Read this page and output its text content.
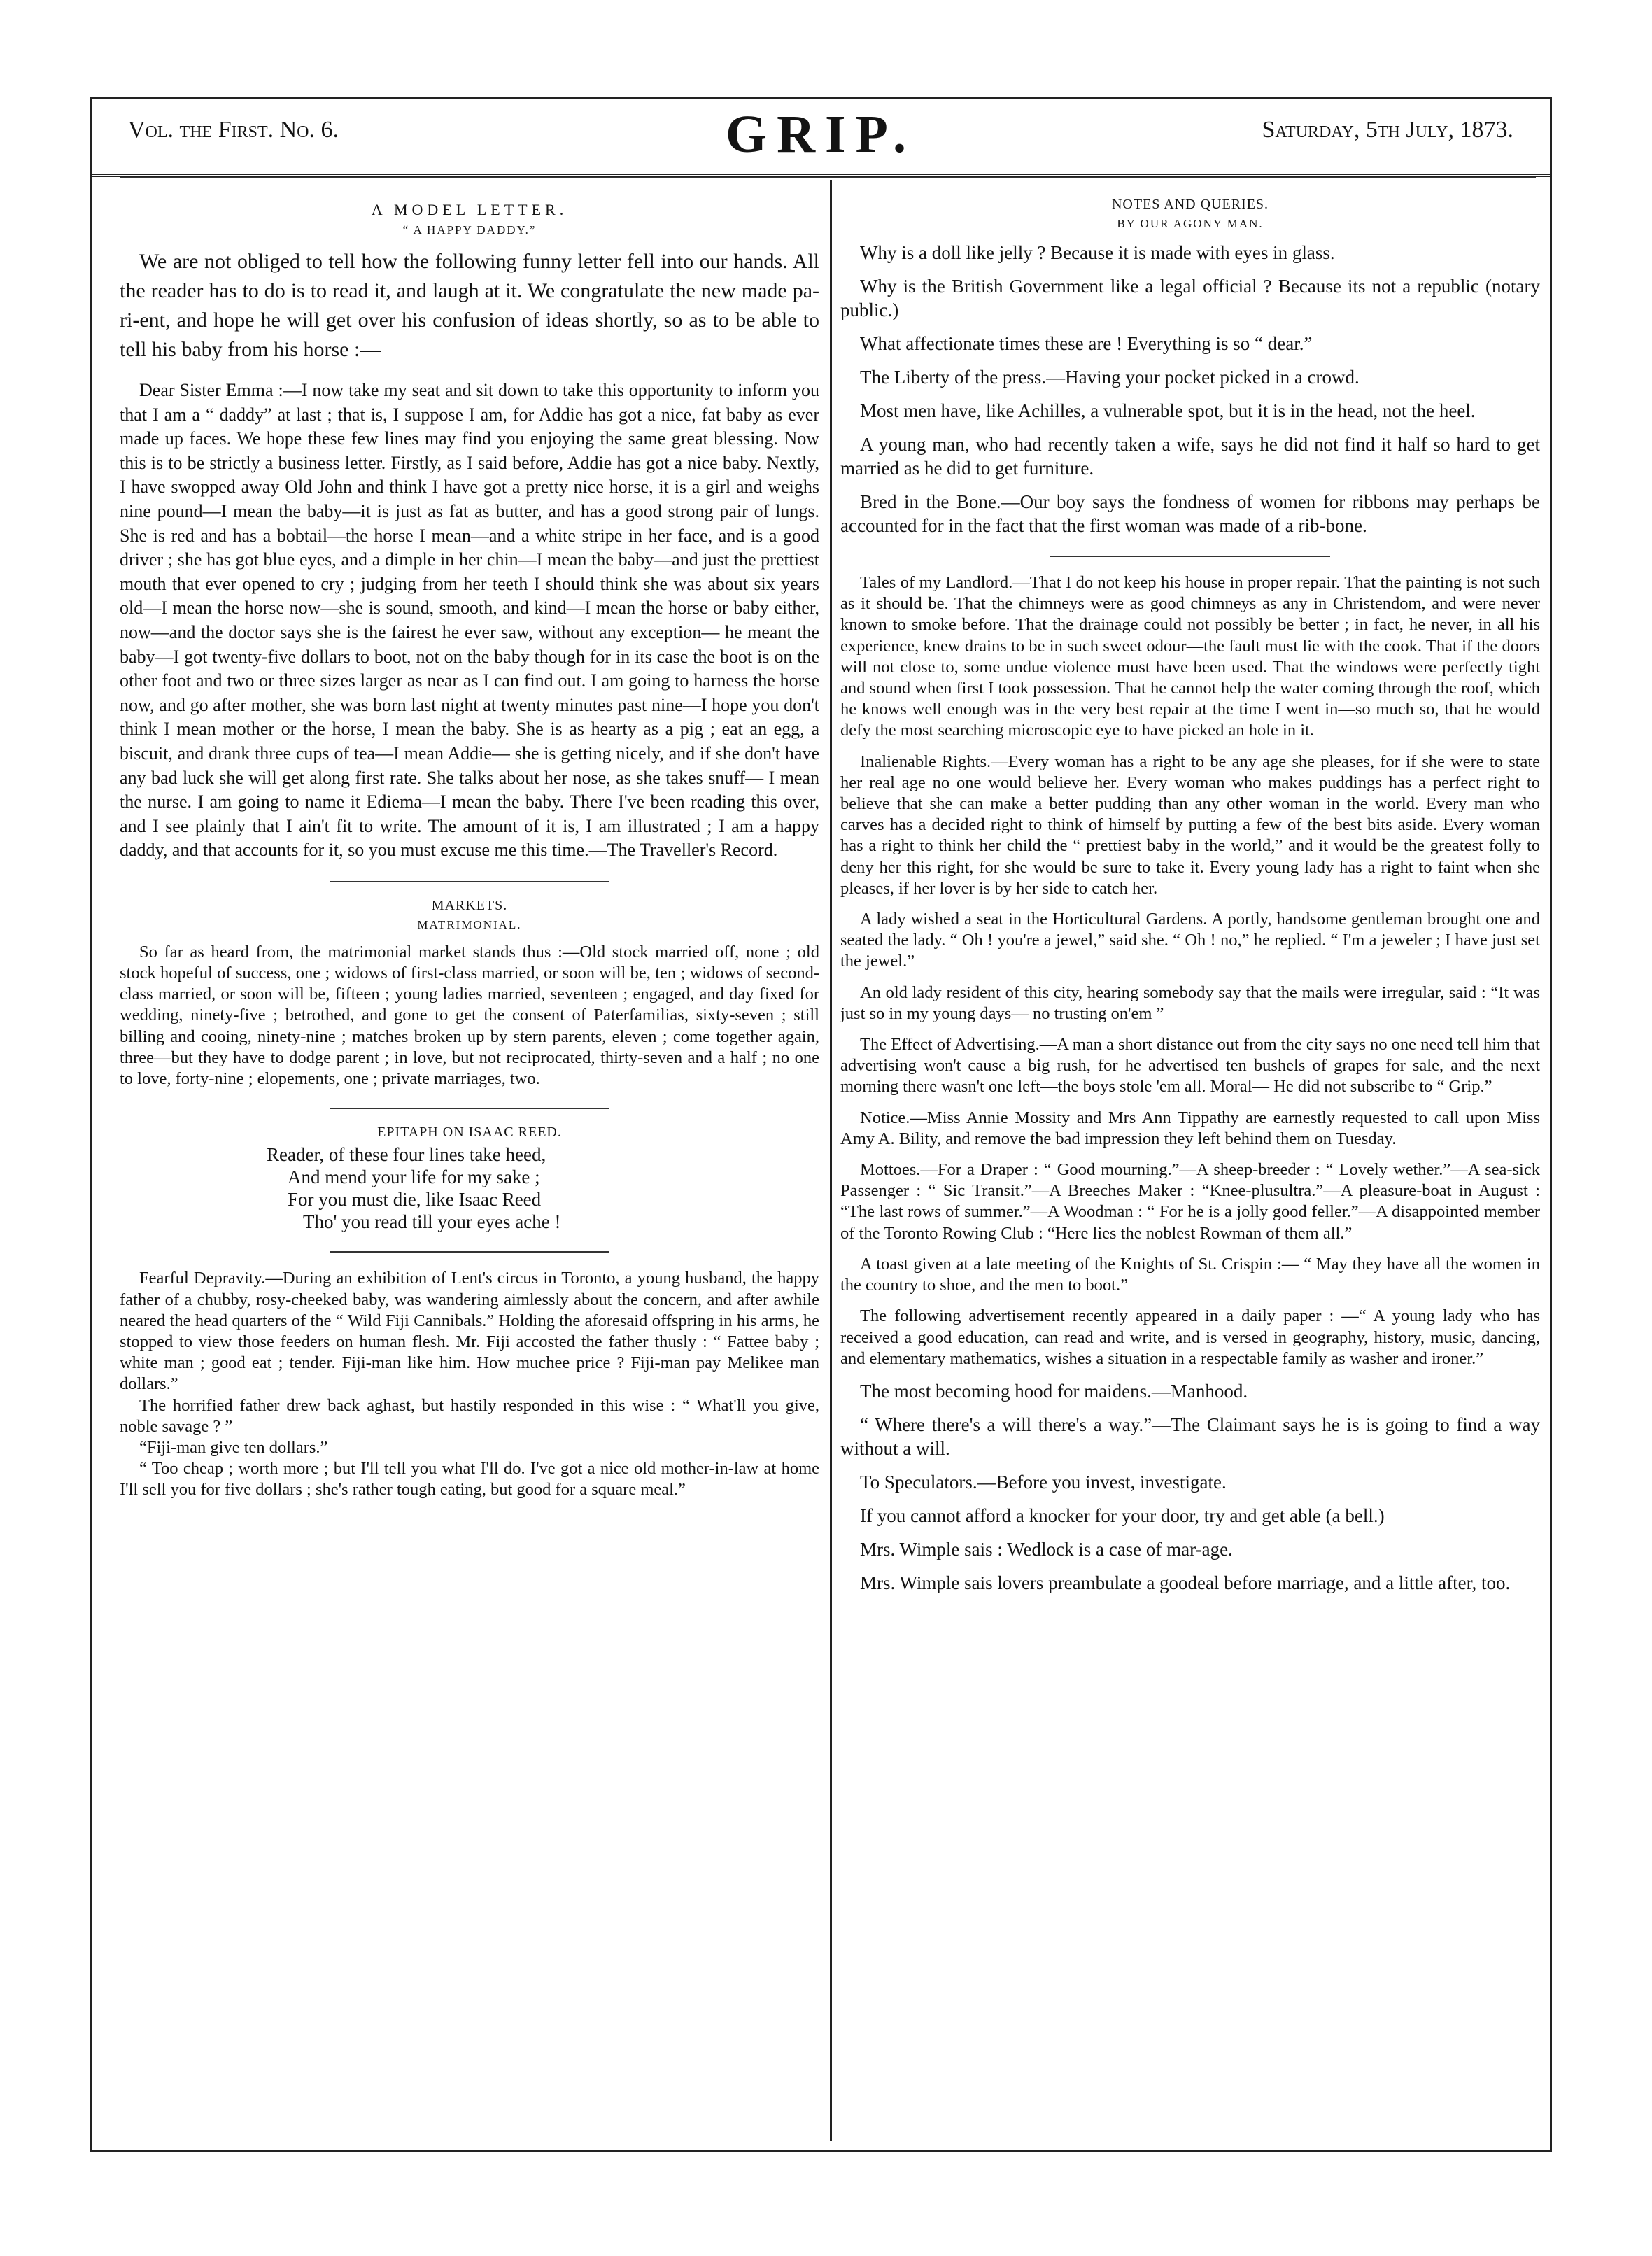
Vol. the First. No. 6.	GRIP.	Saturday, 5th July, 1873.
A MODEL LETTER.
“ A HAPPY DADDY.”

We are not obliged to tell how the following funny letter fell into our hands. All the reader has to do is to read it, and laugh at it. We congratulate the new made pa-ri-ent, and hope he will get over his confusion of ideas shortly, so as to be able to tell his baby from his horse :—

Dear Sister Emma :—I now take my seat and sit down to take this opportunity to inform you that I am a “ daddy” at last ; that is, I suppose I am, for Addie has got a nice, fat baby as ever made up faces. We hope these few lines may find you enjoying the same great blessing. Now this is to be strictly a business letter. Firstly, as I said before, Addie has got a nice baby. Nextly, I have swopped away Old John and think I have got a pretty nice horse, it is a girl and weighs nine pound—I mean the baby—it is just as fat as butter, and has a good strong pair of lungs. She is red and has a bobtail—the horse I mean—and a white stripe in her face, and is a good driver ; she has got blue eyes, and a dimple in her chin—I mean the baby—and just the prettiest mouth that ever opened to cry ; judging from her teeth I should think she was about six years old—I mean the horse now—she is sound, smooth, and kind—I mean the horse or baby either, now—and the doctor says she is the fairest he ever saw, without any exception— he meant the baby—I got twenty-five dollars to boot, not on the baby though for in its case the boot is on the other foot and two or three sizes larger as near as I can find out. I am going to harness the horse now, and go after mother, she was born last night at twenty minutes past nine—I hope you don't think I mean mother or the horse, I mean the baby. She is as hearty as a pig ; eat an egg, a biscuit, and drank three cups of tea—I mean Addie— she is getting nicely, and if she don't have any bad luck she will get along first rate. She talks about her nose, as she takes snuff— I mean the nurse. I am going to name it Ediema—I mean the baby. There I've been reading this over, and I see plainly that I ain't fit to write. The amount of it is, I am illustrated ; I am a happy daddy, and that accounts for it, so you must excuse me this time.—The Traveller's Record.

MARKETS.
MATRIMONIAL.

So far as heard from, the matrimonial market stands thus :—Old stock married off, none ; old stock hopeful of success, one ; widows of first-class married, or soon will be, ten ; widows of second-class married, or soon will be, fifteen ; young ladies married, seventeen ; engaged, and day fixed for wedding, ninety-five ; betrothed, and gone to get the consent of Paterfamilias, sixty-seven ; still billing and cooing, ninety-nine ; matches broken up by stern parents, eleven ; come together again, three—but they have to dodge parent ; in love, but not reciprocated, thirty-seven and a half ; no one to love, forty-nine ; elopements, one ; private marriages, two.

EPITAPH ON ISAAC REED.
Reader, of these four lines take heed,
And mend your life for my sake ;
For you must die, like Isaac Reed
Tho' you read till your eyes ache !

Fearful Depravity.—During an exhibition of Lent's circus in Toronto, a young husband, the happy father of a chubby, rosy-cheeked baby, was wandering aimlessly about the concern, and after awhile neared the head quarters of the “ Wild Fiji Cannibals.” Holding the aforesaid offspring in his arms, he stopped to view those feeders on human flesh. Mr. Fiji accosted the father thusly : “ Fattee baby ; white man ; good eat ; tender. Fiji-man like him. How muchee price ? Fiji-man pay Melikee man dollars.”

The horrified father drew back aghast, but hastily responded in this wise : “ What'll you give, noble savage ? ”

“Fiji-man give ten dollars.”

“ Too cheap ; worth more ; but I'll tell you what I'll do. I've got a nice old mother-in-law at home I'll sell you for five dollars ; she's rather tough eating, but good for a square meal.”

NOTES AND QUERIES.
BY OUR AGONY MAN.

Why is a doll like jelly ? Because it is made with eyes in glass.

Why is the British Government like a legal official ? Because its not a republic (notary public.)

What affectionate times these are ! Everything is so “ dear.”

The Liberty of the press.—Having your pocket picked in a crowd.

Most men have, like Achilles, a vulnerable spot, but it is in the head, not the heel.

A young man, who had recently taken a wife, says he did not find it half so hard to get married as he did to get furniture.

Bred in the Bone.—Our boy says the fondness of women for ribbons may perhaps be accounted for in the fact that the first woman was made of a rib-bone.

Tales of my Landlord.—That I do not keep his house in proper repair. That the painting is not such as it should be. That the chimneys were as good chimneys as any in Christendom, and were never known to smoke before. That the drainage could not possibly be better ; in fact, he never, in all his experience, knew drains to be in such sweet odour—the fault must lie with the cook. That if the doors will not close to, some undue violence must have been used. That the windows were perfectly tight and sound when first I took possession. That he cannot help the water coming through the roof, which he knows well enough was in the very best repair at the time I went in—so much so, that he would defy the most searching microscopic eye to have picked an hole in it.

Inalienable Rights.—Every woman has a right to be any age she pleases, for if she were to state her real age no one would believe her. Every woman who makes puddings has a perfect right to believe that she can make a better pudding than any other woman in the world. Every man who carves has a decided right to think of himself by putting a few of the best bits aside. Every woman has a right to think her child the “ prettiest baby in the world,” and it would be the greatest folly to deny her this right, for she would be sure to take it. Every young lady has a right to faint when she pleases, if her lover is by her side to catch her.

A lady wished a seat in the Horticultural Gardens. A portly, handsome gentleman brought one and seated the lady. “ Oh ! you're a jewel,” said she. “ Oh ! no,” he replied. “ I'm a jeweler ; I have just set the jewel.”

An old lady resident of this city, hearing somebody say that the mails were irregular, said : “It was just so in my young days— no trusting on'em ”

The Effect of Advertising.—A man a short distance out from the city says no one need tell him that advertising won't cause a big rush, for he advertised ten bushels of grapes for sale, and the next morning there wasn't one left—the boys stole 'em all. Moral— He did not subscribe to “ Grip.”

Notice.—Miss Annie Mossity and Mrs Ann Tippathy are earnestly requested to call upon Miss Amy A. Bility, and remove the bad impression they left behind them on Tuesday.

Mottoes.—For a Draper : “ Good mourning.”—A sheep-breeder : “ Lovely wether.”—A sea-sick Passenger : “ Sic Transit.”—A Breeches Maker : “Knee-plusultra.”—A pleasure-boat in August : “The last rows of summer.”—A Woodman : “ For he is a jolly good feller.”—A disappointed member of the Toronto Rowing Club : “Here lies the noblest Rowman of them all.”

A toast given at a late meeting of the Knights of St. Crispin :— “ May they have all the women in the country to shoe, and the men to boot.”

The following advertisement recently appeared in a daily paper : —“ A young lady who has received a good education, can read and write, and is versed in geography, history, music, dancing, and elementary mathematics, wishes a situation in a respectable family as washer and ironer.”

The most becoming hood for maidens.—Manhood.

“ Where there's a will there's a way.”—The Claimant says he is is going to find a way without a will.

To Speculators.—Before you invest, investigate.

If you cannot afford a knocker for your door, try and get able (a bell.)

Mrs. Wimple sais : Wedlock is a case of mar-age.

Mrs. Wimple sais lovers preambulate a goodeal before marriage, and a little after, too.
